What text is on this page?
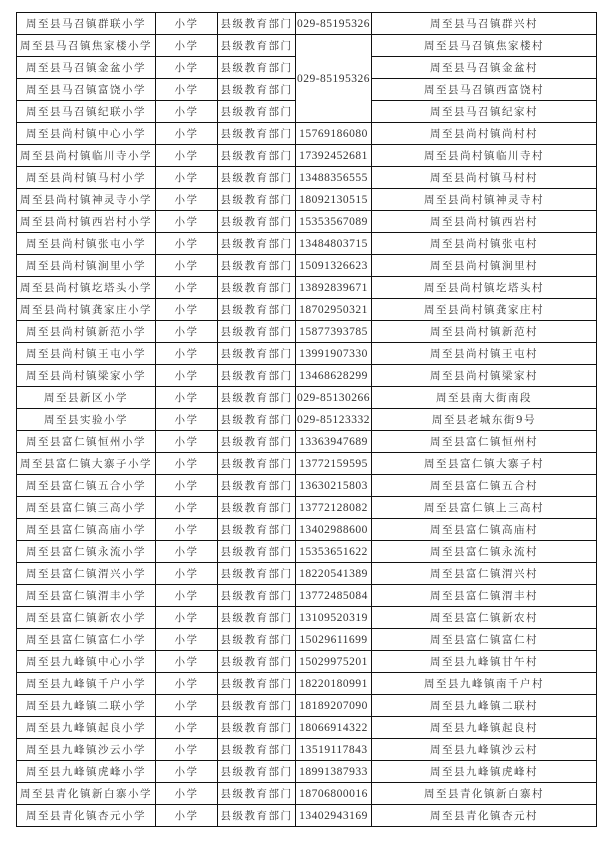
周至县马召镇群联小学	小学	县级教育部门	029-85195326	周至县马召镇群兴村
周至县马召镇焦家楼小学	小学	县级教育部门	029-85195326	周至县马召镇焦家楼村
周至县马召镇金盆小学	小学	县级教育部门		周至县马召镇金盆村
周至县马召镇富饶小学	小学	县级教育部门		周至县马召镇西富饶村
周至县马召镇纪联小学	小学	县级教育部门		周至县马召镇纪家村
周至县尚村镇中心小学	小学	县级教育部门	15769186080	周至县尚村镇尚村村
周至县尚村镇临川寺小学	小学	县级教育部门	17392452681	周至县尚村镇临川寺村
周至县尚村镇马村小学	小学	县级教育部门	13488356555	周至县尚村镇马村村
周至县尚村镇神灵寺小学	小学	县级教育部门	18092130515	周至县尚村镇神灵寺村
周至县尚村镇西岩村小学	小学	县级教育部门	15353567089	周至县尚村镇西岩村
周至县尚村镇张屯小学	小学	县级教育部门	13484803715	周至县尚村镇张屯村
周至县尚村镇涧里小学	小学	县级教育部门	15091326623	周至县尚村镇涧里村
周至县尚村镇圪塔头小学	小学	县级教育部门	13892839671	周至县尚村镇圪塔头村
周至县尚村镇龚家庄小学	小学	县级教育部门	18702950321	周至县尚村镇龚家庄村
周至县尚村镇新范小学	小学	县级教育部门	15877393785	周至县尚村镇新范村
周至县尚村镇王屯小学	小学	县级教育部门	13991907330	周至县尚村镇王屯村
周至县尚村镇梁家小学	小学	县级教育部门	13468628299	周至县尚村镇梁家村
周至县新区小学	小学	县级教育部门	029-85130266	周至县南大街南段
周至县实验小学	小学	县级教育部门	029-85123332	周至县老城东街9号
周至县富仁镇恒州小学	小学	县级教育部门	13363947689	周至县富仁镇恒州村
周至县富仁镇大寨子小学	小学	县级教育部门	13772159595	周至县富仁镇大寨子村
周至县富仁镇五合小学	小学	县级教育部门	13630215803	周至县富仁镇五合村
周至县富仁镇三高小学	小学	县级教育部门	13772128082	周至县富仁镇上三高村
周至县富仁镇高庙小学	小学	县级教育部门	13402988600	周至县富仁镇高庙村
周至县富仁镇永流小学	小学	县级教育部门	15353651622	周至县富仁镇永流村
周至县富仁镇渭兴小学	小学	县级教育部门	18220541389	周至县富仁镇渭兴村
周至县富仁镇渭丰小学	小学	县级教育部门	13772485084	周至县富仁镇渭丰村
周至县富仁镇新农小学	小学	县级教育部门	13109520319	周至县富仁镇新农村
周至县富仁镇富仁小学	小学	县级教育部门	15029611699	周至县富仁镇富仁村
周至县九峰镇中心小学	小学	县级教育部门	15029975201	周至县九峰镇甘午村
周至县九峰镇千户小学	小学	县级教育部门	18220180991	周至县九峰镇南千户村
周至县九峰镇二联小学	小学	县级教育部门	18189207090	周至县九峰镇二联村
周至县九峰镇起良小学	小学	县级教育部门	18066914322	周至县九峰镇起良村
周至县九峰镇沙云小学	小学	县级教育部门	13519117843	周至县九峰镇沙云村
周至县九峰镇虎峰小学	小学	县级教育部门	18991387933	周至县九峰镇虎峰村
周至县青化镇新白寨小学	小学	县级教育部门	18706800016	周至县青化镇新白寨村
周至县青化镇杏元小学	小学	县级教育部门	13402943169	周至县青化镇杏元村
